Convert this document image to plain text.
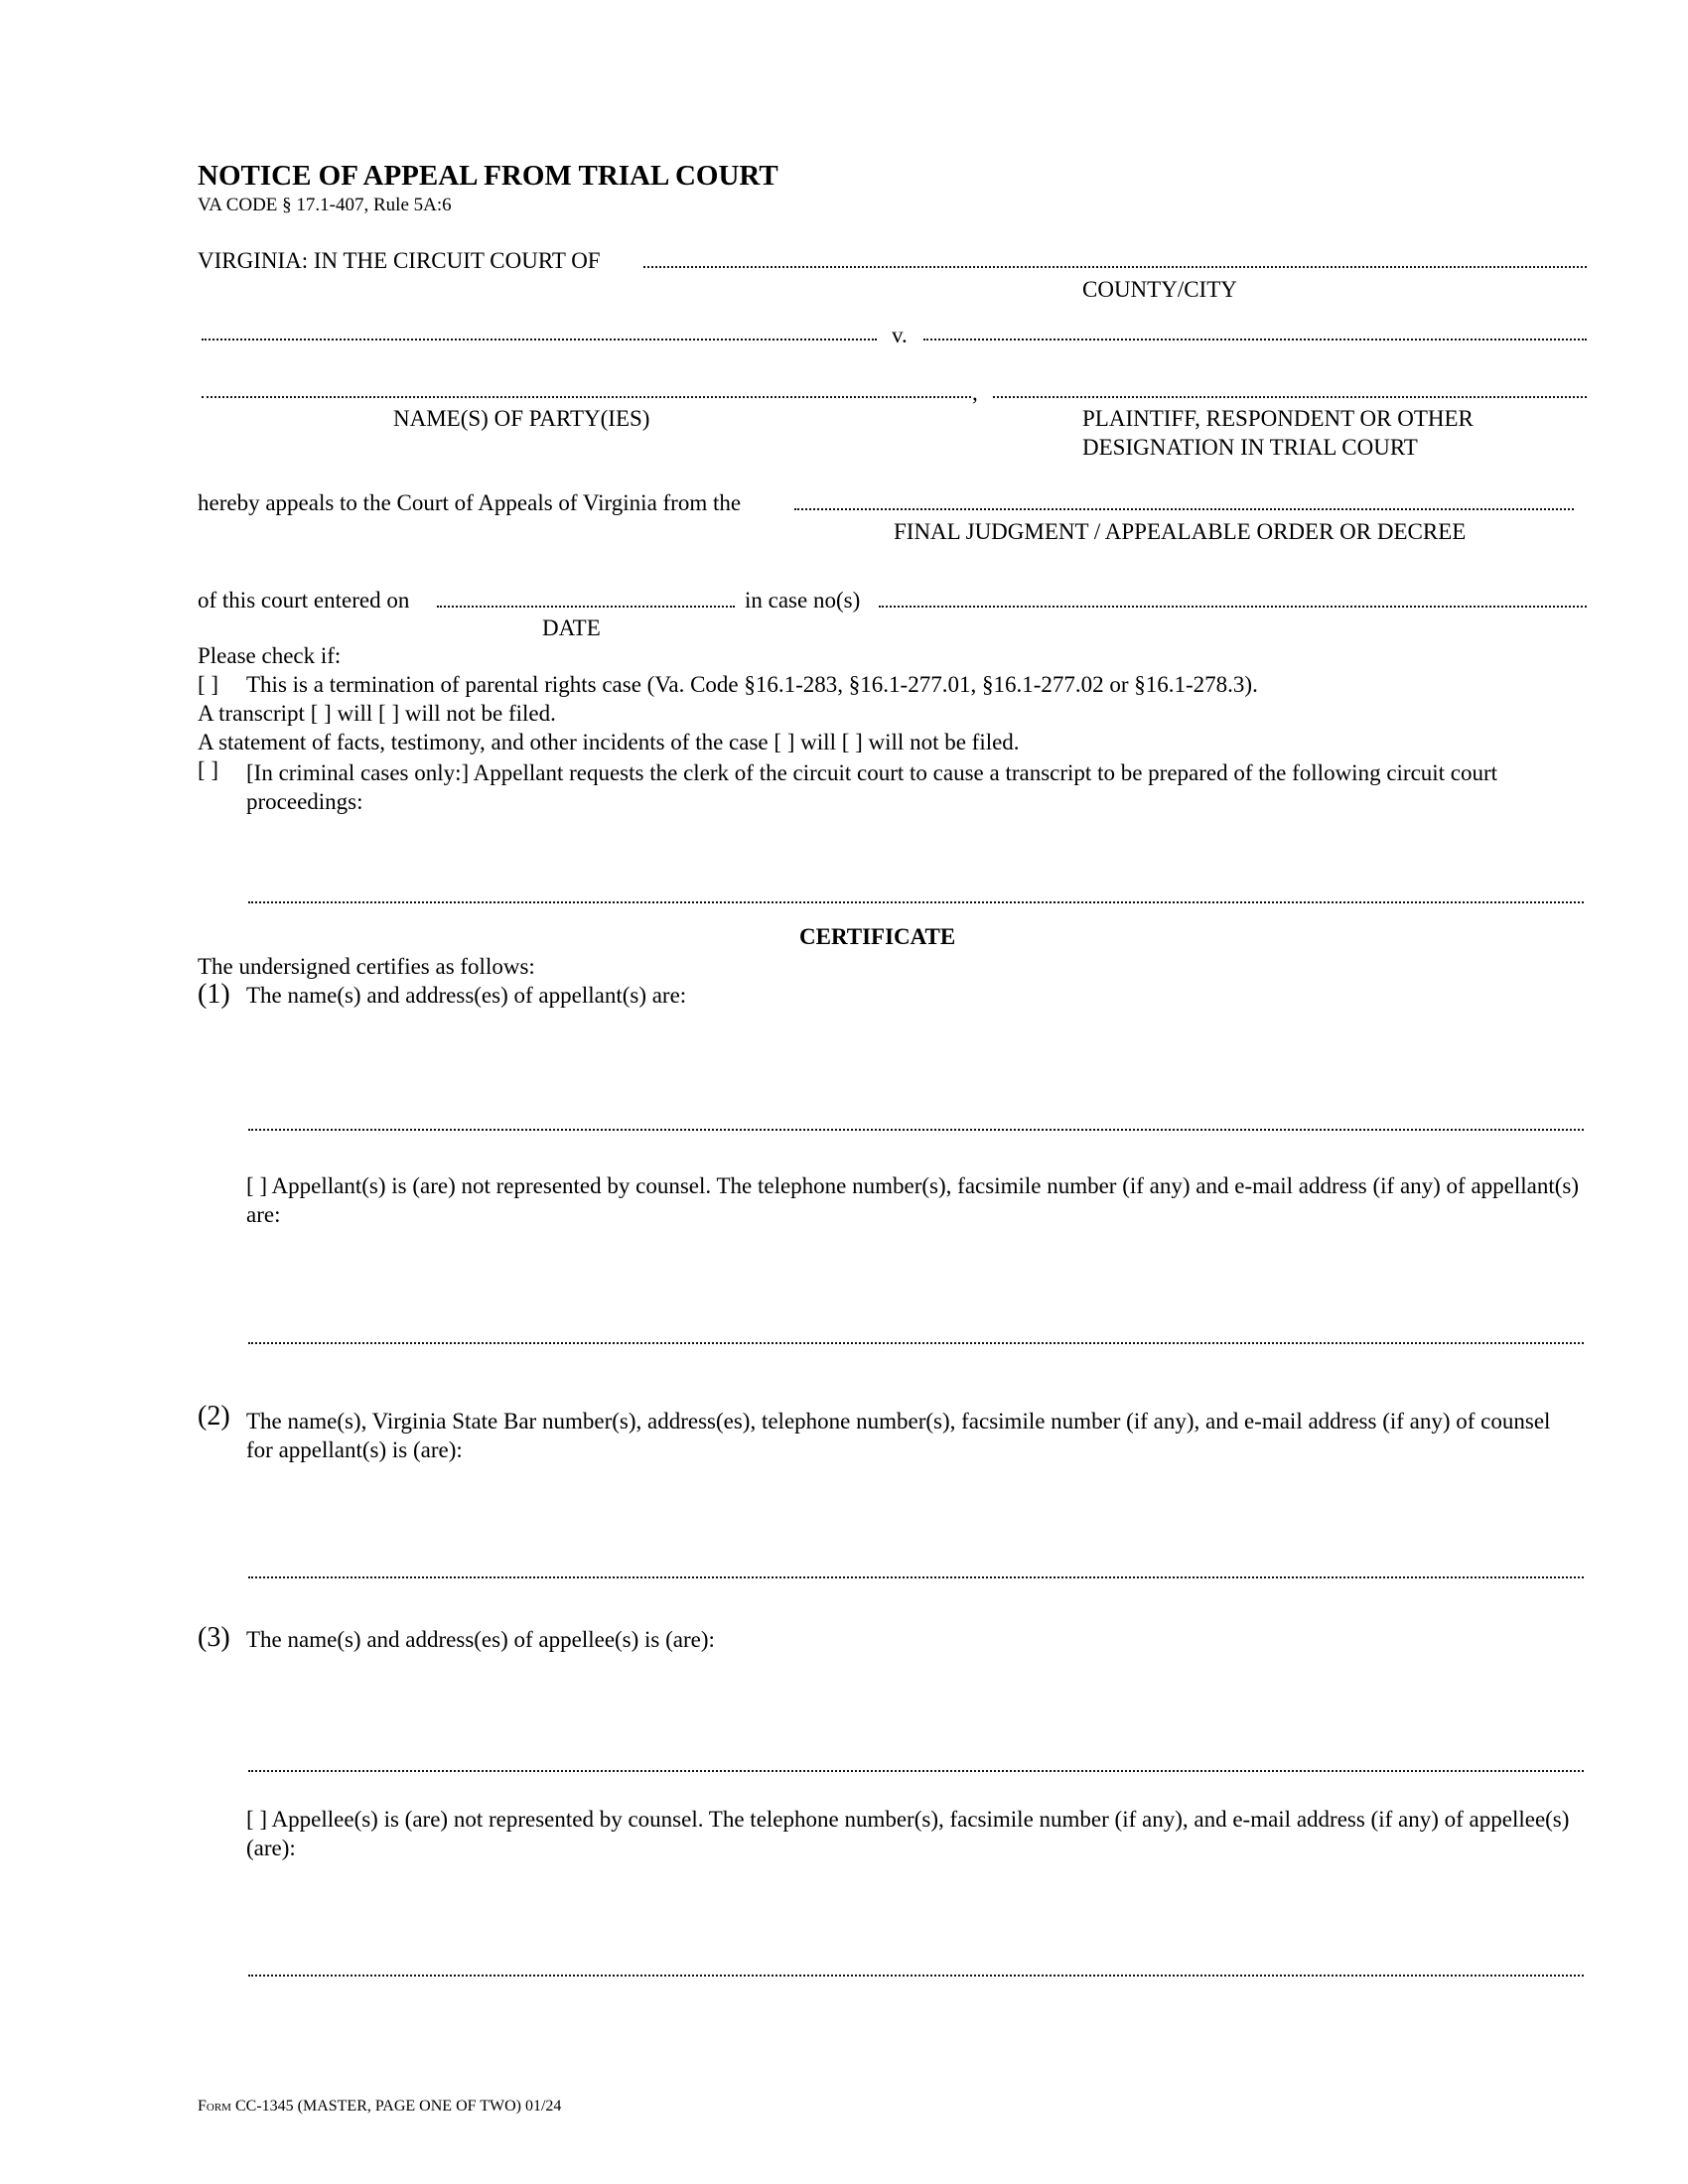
NOTICE OF APPEAL FROM TRIAL COURT
VA CODE § 17.1-407, Rule 5A:6
VIRGINIA: IN THE CIRCUIT COURT OF
COUNTY/CITY
v.
,
NAME(S) OF PARTY(IES)	PLAINTIFF, RESPONDENT OR OTHER
DESIGNATION IN TRIAL COURT
hereby appeals to the Court of Appeals of Virginia from the
FINAL JUDGMENT / APPEALABLE ORDER OR DECREE
of this court entered on	in case no(s)
DATE
Please check if:
[ ] This is a termination of parental rights case (Va. Code §16.1-283, §16.1-277.01, §16.1-277.02 or §16.1-278.3).
A transcript [ ] will [ ] will not be filed.
A statement of facts, testimony, and other incidents of the case [ ] will [ ] will not be filed.
[ ] [In criminal cases only:] Appellant requests the clerk of the circuit court to cause a transcript to be prepared of the following circuit court proceedings:
CERTIFICATE
The undersigned certifies as follows:
(1) The name(s) and address(es) of appellant(s) are:
[ ] Appellant(s) is (are) not represented by counsel. The telephone number(s), facsimile number (if any) and e-mail address (if any) of appellant(s) are:
(2) The name(s), Virginia State Bar number(s), address(es), telephone number(s), facsimile number (if any), and e-mail address (if any) of counsel for appellant(s) is (are):
(3) The name(s) and address(es) of appellee(s) is (are):
[ ] Appellee(s) is (are) not represented by counsel. The telephone number(s), facsimile number (if any), and e-mail address (if any) of appellee(s) (are):
Form CC-1345 (MASTER, PAGE ONE OF TWO) 01/24
